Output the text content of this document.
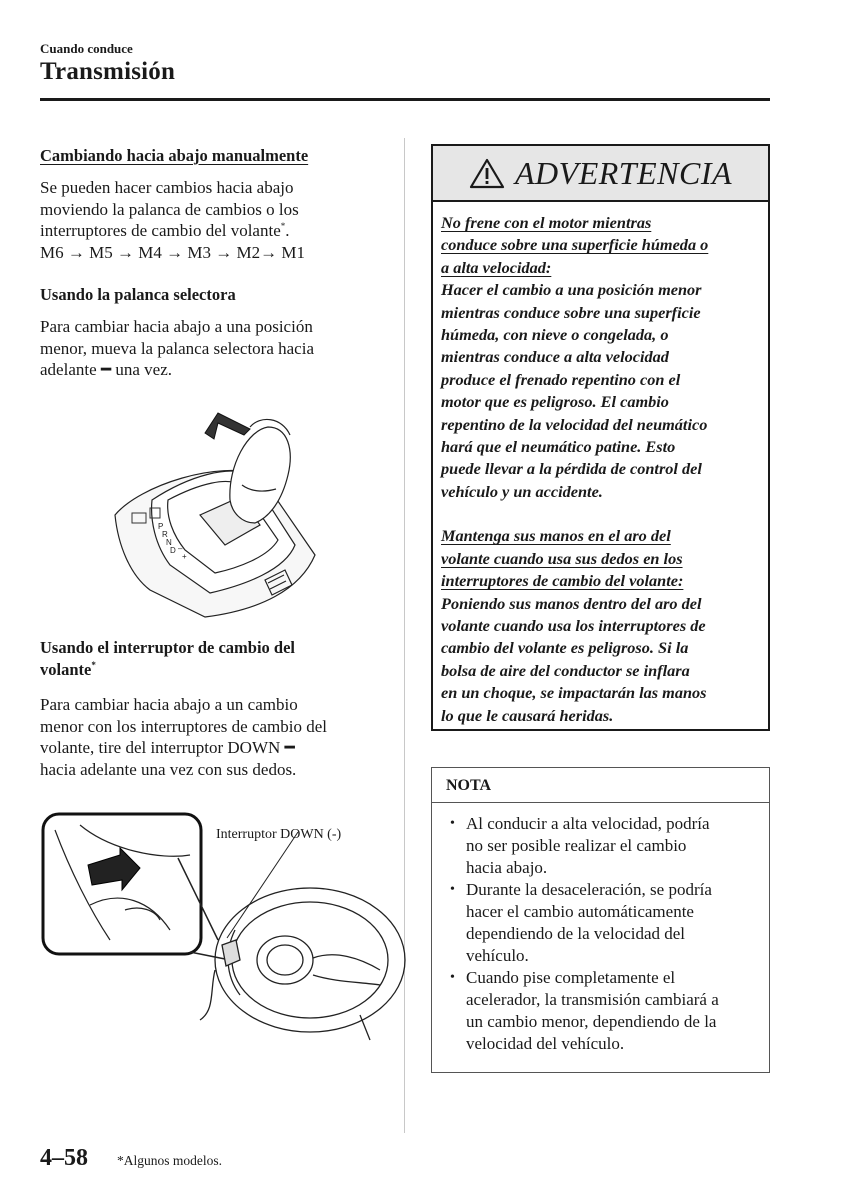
Cuando conduce
Transmisión
Cambiando hacia abajo manualmente
Se pueden hacer cambios hacia abajo
moviendo la palanca de cambios o los
interruptores de cambio del volante*.
M6 → M5 → M4 → M3 → M2→ M1
Usando la palanca selectora
Para cambiar hacia abajo a una posición
menor, mueva la palanca selectora hacia
adelante ━ una vez.
P
R
N
D –
+
Usando el interruptor de cambio del
volante*
Para cambiar hacia abajo a un cambio
menor con los interruptores de cambio del
volante, tire del interruptor DOWN ━
hacia adelante una vez con sus dedos.
Interruptor DOWN (-)
ADVERTENCIA

No frene con el motor mientras
conduce sobre una superficie húmeda o
a alta velocidad:

Hacer el cambio a una posición menor
mientras conduce sobre una superficie
húmeda, con nieve o congelada, o
mientras conduce a alta velocidad
produce el frenado repentino con el
motor que es peligroso. El cambio
repentino de la velocidad del neumático
hará que el neumático patine. Esto
puede llevar a la pérdida de control del
vehículo y un accidente.

Mantenga sus manos en el aro del
volante cuando usa sus dedos en los
interruptores de cambio del volante:

Poniendo sus manos dentro del aro del
volante cuando usa los interruptores de
cambio del volante es peligroso. Si la
bolsa de aire del conductor se inflara
en un choque, se impactarán las manos
lo que le causará heridas.

NOTA
• Al conducir a alta velocidad, podría
no ser posible realizar el cambio
hacia abajo.
• Durante la desaceleración, se podría
hacer el cambio automáticamente
dependiendo de la velocidad del
vehículo.
• Cuando pise completamente el
acelerador, la transmisión cambiará a
un cambio menor, dependiendo de la
velocidad del vehículo.
4–58 *Algunos modelos.
